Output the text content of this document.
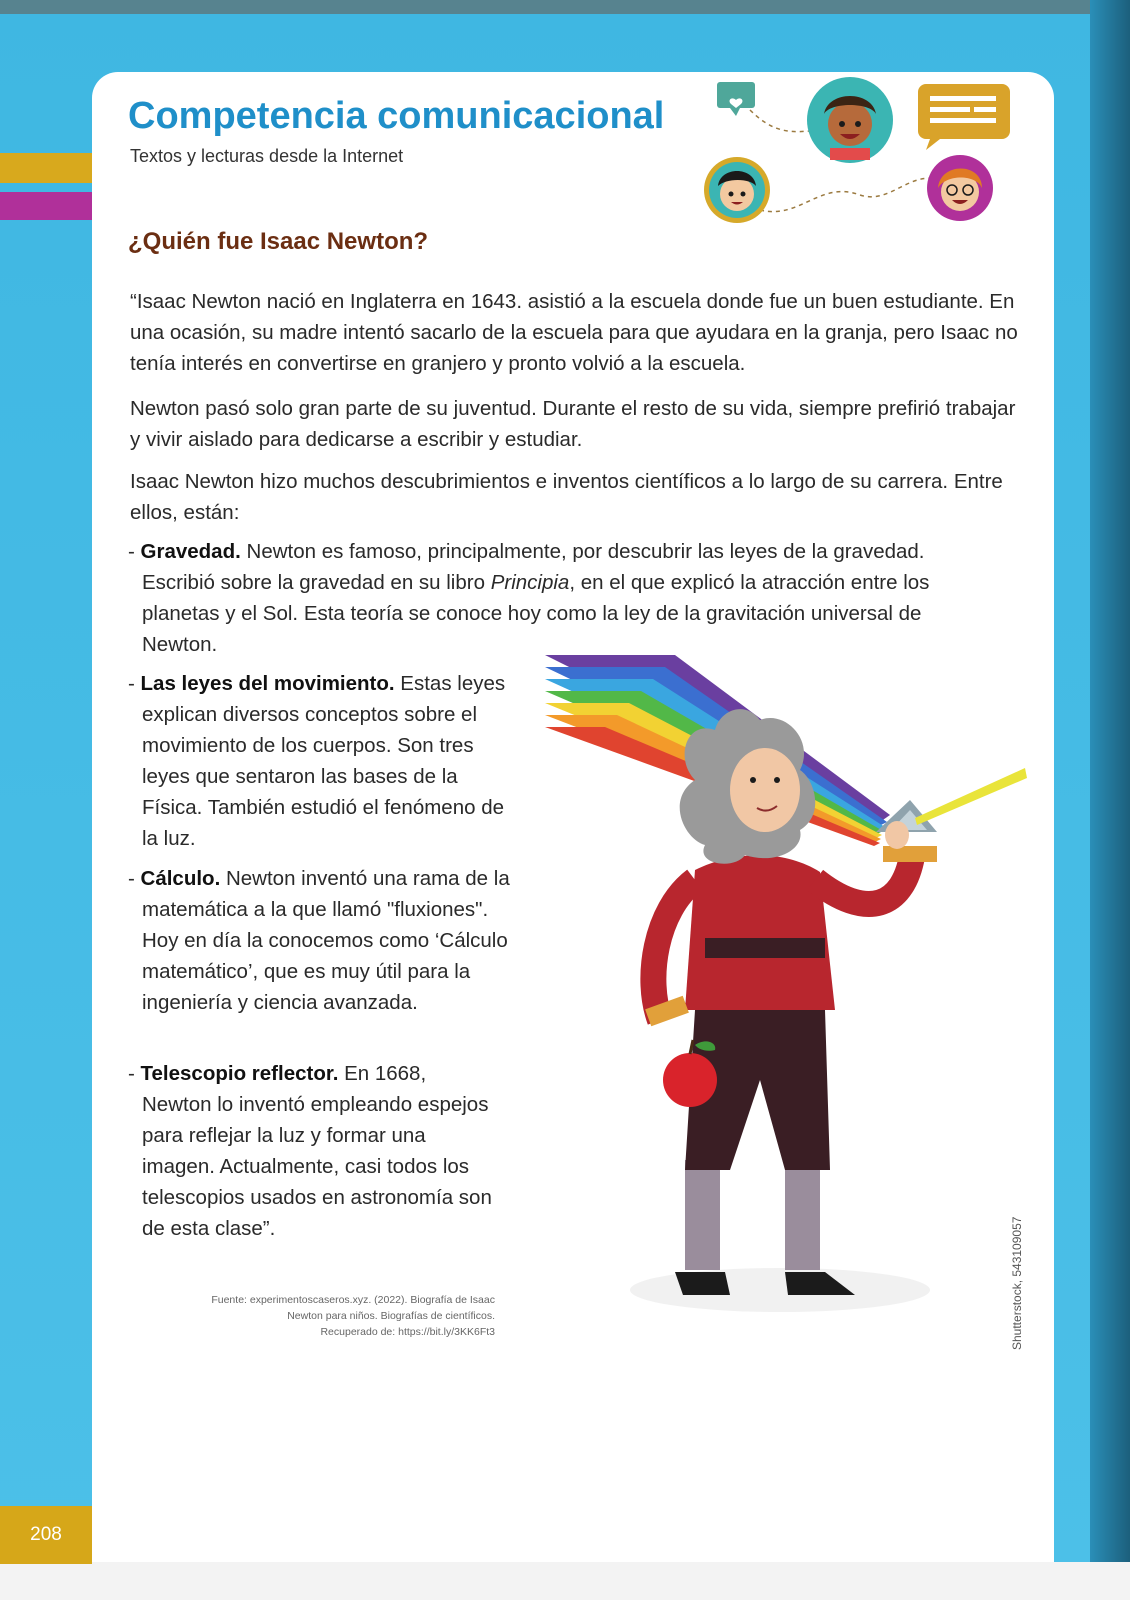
208
Competencia comunicacional
Textos y lecturas desde la Internet
¿Quién fue Isaac Newton?

“Isaac Newton nació en Inglaterra en 1643. asistió a la escuela donde fue un buen estudiante. En una ocasión, su madre intentó sacarlo de la escuela para que ayudara en la granja, pero Isaac no tenía interés en convertirse en granjero y pronto volvió a la escuela.

Newton pasó solo gran parte de su juventud. Durante el resto de su vida, siempre prefirió trabajar y vivir aislado para dedicarse a escribir y estudiar.

Isaac Newton hizo muchos descubrimientos e inventos científicos a lo largo de su carrera. Entre ellos, están:

- Gravedad. Newton es famoso, principalmente, por descubrir las leyes de la gravedad. Escribió sobre la gravedad en su libro Principia, en el que explicó la atracción entre los planetas y el Sol. Esta teoría se conoce hoy como la ley de la gravitación universal de Newton.
- Las leyes del movimiento. Estas leyes explican diversos conceptos sobre el movimiento de los cuerpos. Son tres leyes que sentaron las bases de la Física. También estudió el fenómeno de la luz.
- Cálculo. Newton inventó una rama de la matemática a la que llamó "fluxiones". Hoy en día la conocemos como ‘Cálculo matemático’, que es muy útil para la ingeniería y ciencia avanzada.
- Telescopio reflector. En 1668, Newton lo inventó empleando espejos para reflejar la luz y formar una imagen. Actualmente, casi todos los telescopios usados en astronomía son de esta clase”.
Fuente: experimentoscaseros.xyz. (2022). Biografía de Isaac
Newton para niños. Biografías de científicos.
Recuperado de: https://bit.ly/3KK6Ft3	Shutterstock, 543109057
